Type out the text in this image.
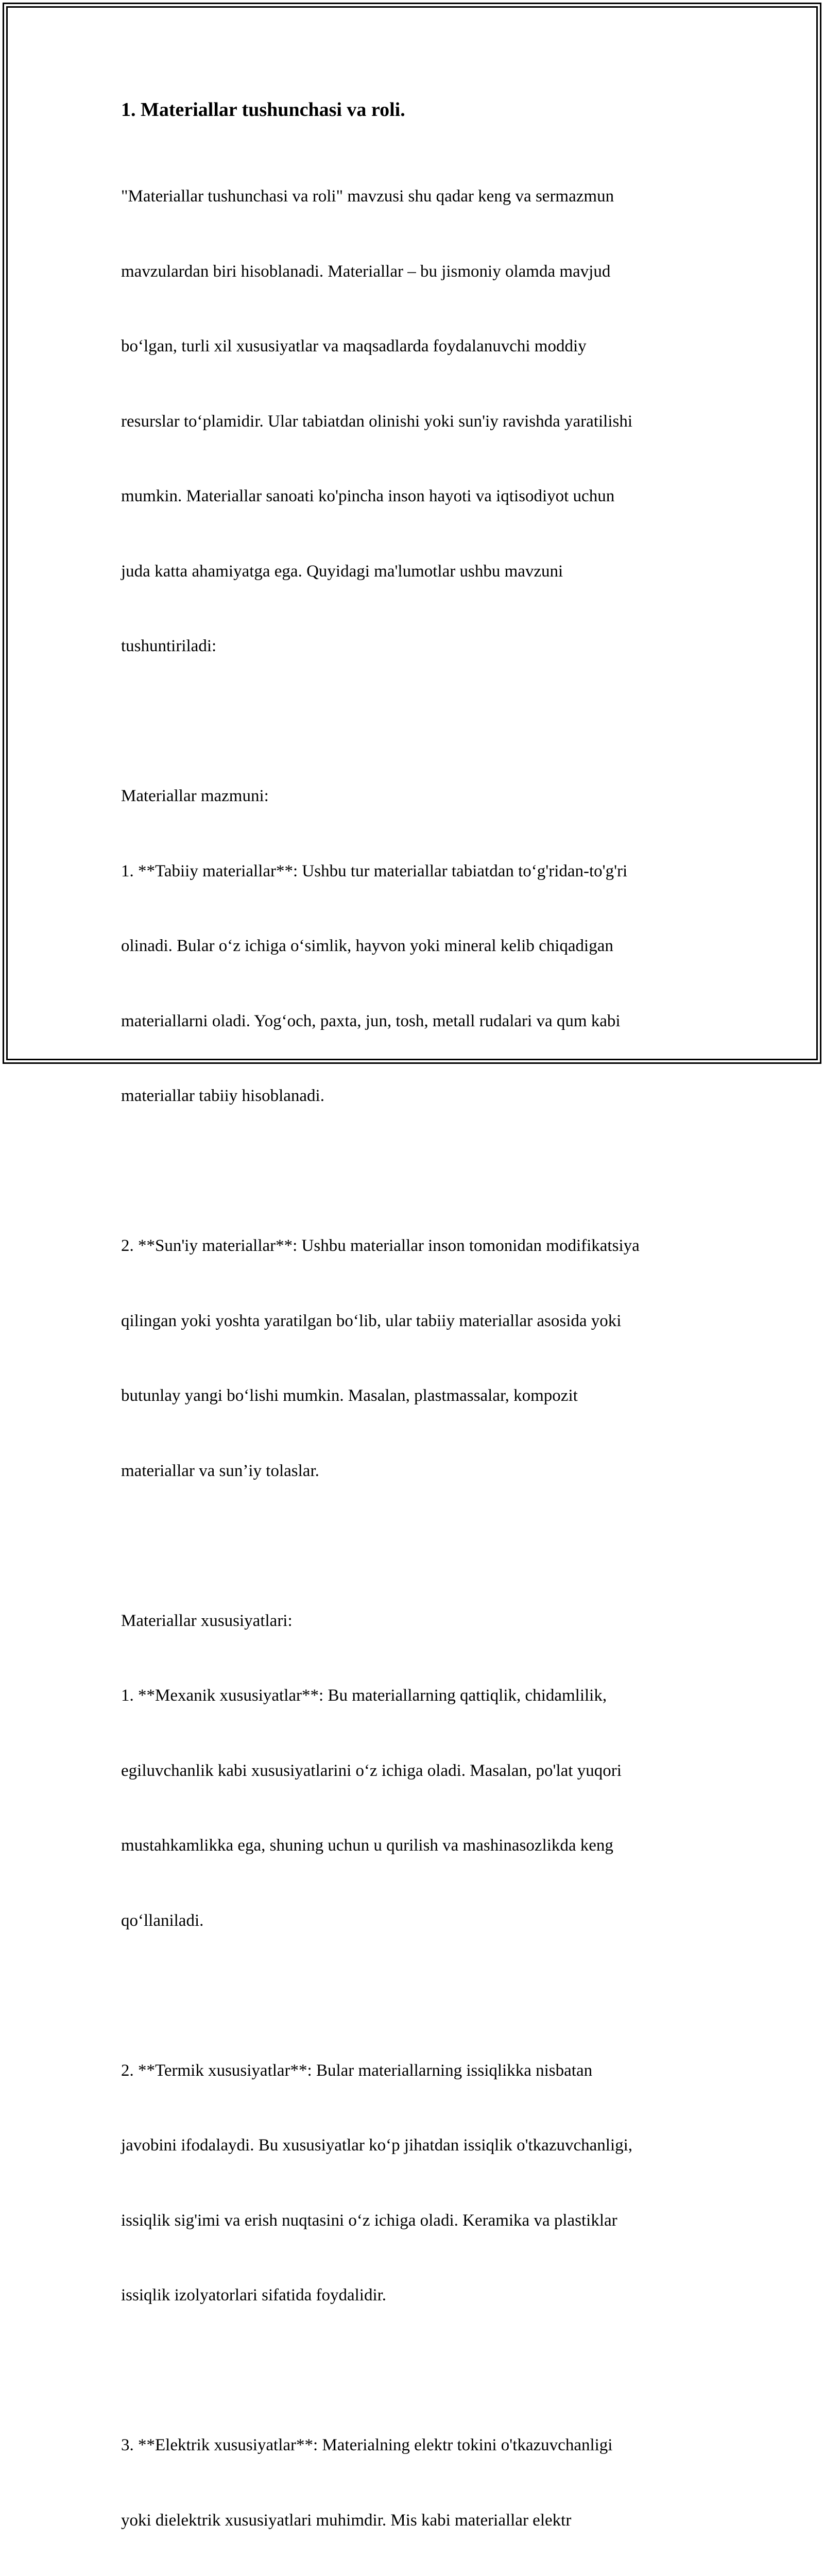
1. Materiallar tushunchasi va roli.

"Materiallar tushunchasi va roli" mavzusi shu qadar keng va sermazmun

mavzulardan biri hisoblanadi. Materiallar – bu jismoniy olamda mavjud

bo‘lgan, turli xil xususiyatlar va maqsadlarda foydalanuvchi moddiy

resurslar to‘plamidir. Ular tabiatdan olinishi yoki sun'iy ravishda yaratilishi

mumkin. Materiallar sanoati ko'pincha inson hayoti va iqtisodiyot uchun

juda katta ahamiyatga ega. Quyidagi ma'lumotlar ushbu mavzuni

tushuntiriladi:

Materiallar mazmuni:

1. **Tabiiy materiallar**: Ushbu tur materiallar tabiatdan to‘g'ridan-to'g'ri

olinadi. Bular o‘z ichiga o‘simlik, hayvon yoki mineral kelib chiqadigan

materiallarni oladi. Yog‘och, paxta, jun, tosh, metall rudalari va qum kabi

materiallar tabiiy hisoblanadi.

2. **Sun'iy materiallar**: Ushbu materiallar inson tomonidan modifikatsiya

qilingan yoki yoshta yaratilgan bo‘lib, ular tabiiy materiallar asosida yoki

butunlay yangi bo‘lishi mumkin. Masalan, plastmassalar, kompozit

materiallar va sun’iy tolaslar.

Materiallar xususiyatlari:

1. **Mexanik xususiyatlar**: Bu materiallarning qattiqlik, chidamlilik,

egiluvchanlik kabi xususiyatlarini o‘z ichiga oladi. Masalan, po'lat yuqori

mustahkamlikka ega, shuning uchun u qurilish va mashinasozlikda keng

qo‘llaniladi.

2. **Termik xususiyatlar**: Bular materiallarning issiqlikka nisbatan

javobini ifodalaydi. Bu xususiyatlar ko‘p jihatdan issiqlik o'tkazuvchanligi,

issiqlik sig'imi va erish nuqtasini o‘z ichiga oladi. Keramika va plastiklar

issiqlik izolyatorlari sifatida foydalidir.

3. **Elektrik xususiyatlar**: Materialning elektr tokini o'tkazuvchanligi

yoki dielektrik xususiyatlari muhimdir. Mis kabi materiallar elektr
